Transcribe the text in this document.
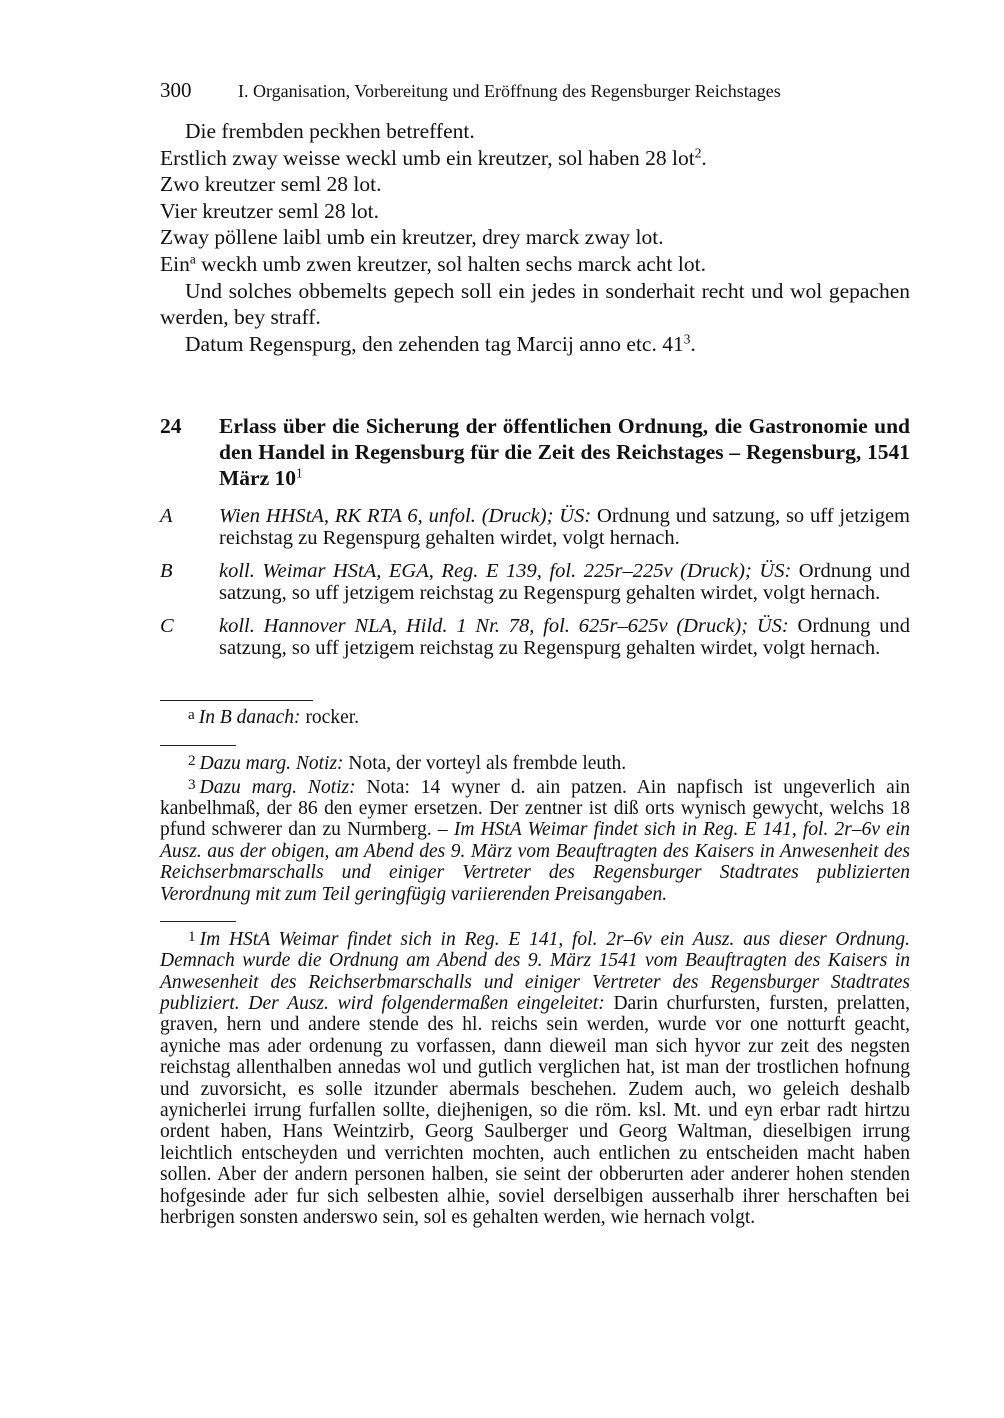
300	I. Organisation, Vorbereitung und Eröffnung des Regensburger Reichstages

Die frembden peckhen betreffent.

Erstlich zway weisse weckl umb ein kreutzer, sol haben 28 lot$^2$.

Zwo kreutzer seml 28 lot.

Vier kreutzer seml 28 lot.

Zway pöllene laibl umb ein kreutzer, drey marck zway lot.

Ein$^a$ weckh umb zwen kreutzer, sol halten sechs marck acht lot.

Und solches obbemelts gepech soll ein jedes in sonderhait recht und wol gepachen werden, bey straff.

Datum Regenspurg, den zehenden tag Marcij anno etc. $41^3$.

24	Erlass über die Sicherung der öffentlichen Ordnung, die Gastronomie und den Handel in Regensburg für die Zeit des Reichstages – Regensburg, 1541 März $10^1$
A	Wien HHStA, RK RTA 6, unfol. (Druck); ÜS: Ordnung und satzung, so uff jetzigem reichstag zu Regenspurg gehalten wirdet, volgt hernach.
B	koll. Weimar HStA, EGA, Reg. E 139, fol. 225r–225v (Druck); ÜS: Ordnung und satzung, so uff jetzigem reichstag zu Regenspurg gehalten wirdet, volgt hernach.
C	koll. Hannover NLA, Hild. 1 Nr. 78, fol. 625r–625v (Druck); ÜS: Ordnung und satzung, so uff jetzigem reichstag zu Regenspurg gehalten wirdet, volgt hernach.

a In B danach: rocker.

2 Dazu marg. Notiz: Nota, der vorteyl als frembde leuth.

3 Dazu marg. Notiz: Nota: 14 wyner d. ain patzen. Ain napfisch ist ungeverlich ain kanbelhmaß, der 86 den eymer ersetzen. Der zentner ist diß orts wynisch gewycht, welchs 18 pfund schwerer dan zu Nurmberg. – Im HStA Weimar findet sich in Reg. E 141, fol. 2r–6v ein Ausz. aus der obigen, am Abend des 9. März vom Beauftragten des Kaisers in Anwesenheit des Reichserbmarschalls und einiger Vertreter des Regensburger Stadtrates publizierten Verordnung mit zum Teil geringfügig variierenden Preisangaben.

1 Im HStA Weimar findet sich in Reg. E 141, fol. 2r–6v ein Ausz. aus dieser Ordnung. Demnach wurde die Ordnung am Abend des 9. März 1541 vom Beauftragten des Kaisers in Anwesenheit des Reichserbmarschalls und einiger Vertreter des Regensburger Stadtrates publiziert. Der Ausz. wird folgendermaßen eingeleitet: Darin churfursten, fursten, prelatten, graven, hern und andere stende des hl. reichs sein werden, wurde vor one notturft geacht, ayniche mas ader ordenung zu vorfassen, dann dieweil man sich hyvor zur zeit des negsten reichstag allenthalben annedas wol und gutlich verglichen hat, ist man der trostlichen hofnung und zuvorsicht, es solle itzunder abermals beschehen. Zudem auch, wo geleich deshalb aynicherlei irrung furfallen sollte, diejhenigen, so die röm. ksl. Mt. und eyn erbar radt hirtzu ordent haben, Hans Weintzirb, Georg Saulberger und Georg Waltman, dieselbigen irrung leichtlich entscheyden und verrichten mochten, auch entlichen zu entscheiden macht haben sollen. Aber der andern personen halben, sie seint der obberurten ader anderer hohen stenden hofgesinde ader fur sich selbesten alhie, soviel derselbigen ausserhalb ihrer herschaften bei herbrigen sonsten anderswo sein, sol es gehalten werden, wie hernach volgt.
